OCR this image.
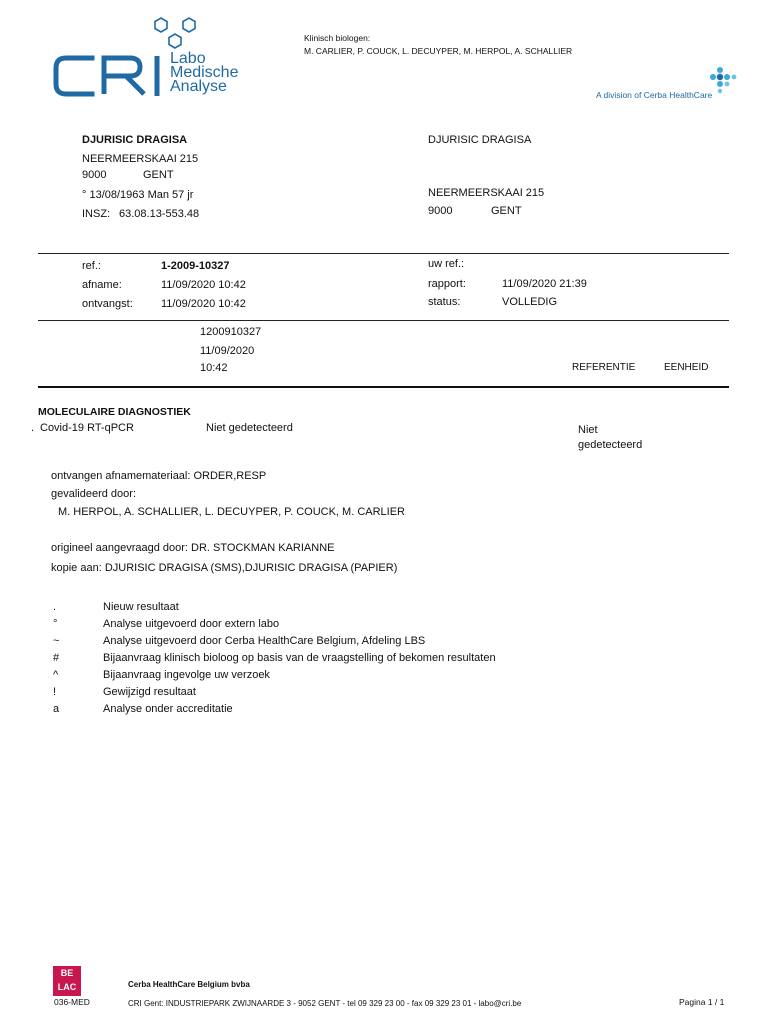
Labo
Medische
Analyse
Klinisch biologen:
M. CARLIER, P. COUCK, L. DECUYPER, M. HERPOL, A. SCHALLIER
A division of Cerba HealthCare
DJURISIC DRAGISA
NEERMEERSKAAI 215
9000	GENT
° 13/08/1963 Man 57 jr
INSZ: 63.08.13-553.48
DJURISIC DRAGISA
NEERMEERSKAAI 215
9000	GENT
ref.:	1-2009-10327
afname:	11/09/2020 10:42
ontvangst:	11/09/2020 10:42
uw ref.:
rapport:	11/09/2020 21:39
status:	VOLLEDIG
1200910327
11/09/2020
10:42	REFERENTIE	EENHEID
MOLECULAIRE DIAGNOSTIEK
. Covid-19 RT-qPCR	Niet gedetecteerd	Niet
gedetecteerd
ontvangen afnamemateriaal: ORDER,RESP
gevalideerd door:
M. HERPOL, A. SCHALLIER, L. DECUYPER, P. COUCK, M. CARLIER
origineel aangevraagd door: DR. STOCKMAN KARIANNE
kopie aan: DJURISIC DRAGISA (SMS),DJURISIC DRAGISA (PAPIER)
.	Nieuw resultaat
°	Analyse uitgevoerd door extern labo
~	Analyse uitgevoerd door Cerba HealthCare Belgium, Afdeling LBS
#	Bijaanvraag klinisch bioloog op basis van de vraagstelling of bekomen resultaten
^	Bijaanvraag ingevolge uw verzoek
!	Gewijzigd resultaat
a	Analyse onder accreditatie
BE
LAC
036-MED
Cerba HealthCare Belgium bvba
CRI Gent: INDUSTRIEPARK ZWIJNAARDE 3 - 9052 GENT - tel 09 329 23 00 - fax 09 329 23 01 - labo@cri.be	Pagina 1 / 1
